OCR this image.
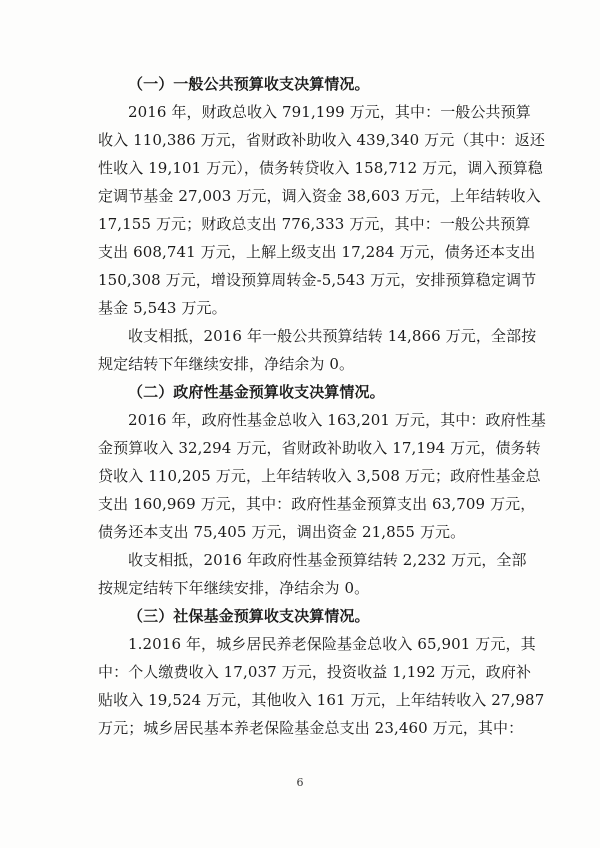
（一）一般公共预算收支决算情况。
2016 年，财政总收入 791,199 万元，其中：一般公共预算
收入 110,386 万元，省财政补助收入 439,340 万元（其中：返还
性收入 19,101 万元），债务转贷收入 158,712 万元，调入预算稳
定调节基金 27,003 万元，调入资金 38,603 万元，上年结转收入
17,155 万元；财政总支出 776,333 万元，其中：一般公共预算
支出 608,741 万元，上解上级支出 17,284 万元，债务还本支出
150,308 万元，增设预算周转金-5,543 万元，安排预算稳定调节
基金 5,543 万元。
收支相抵，2016 年一般公共预算结转 14,866 万元，全部按
规定结转下年继续安排，净结余为 0。
（二）政府性基金预算收支决算情况。
2016 年，政府性基金总收入 163,201 万元，其中：政府性基
金预算收入 32,294 万元，省财政补助收入 17,194 万元，债务转
贷收入 110,205 万元，上年结转收入 3,508 万元；政府性基金总
支出 160,969 万元，其中：政府性基金预算支出 63,709 万元，
债务还本支出 75,405 万元，调出资金 21,855 万元。
收支相抵，2016 年政府性基金预算结转 2,232 万元，全部
按规定结转下年继续安排，净结余为 0。
（三）社保基金预算收支决算情况。
1.2016 年，城乡居民养老保险基金总收入 65,901 万元，其
中：个人缴费收入 17,037 万元，投资收益 1,192 万元，政府补
贴收入 19,524 万元，其他收入 161 万元，上年结转收入 27,987
万元；城乡居民基本养老保险基金总支出 23,460 万元，其中：
6
